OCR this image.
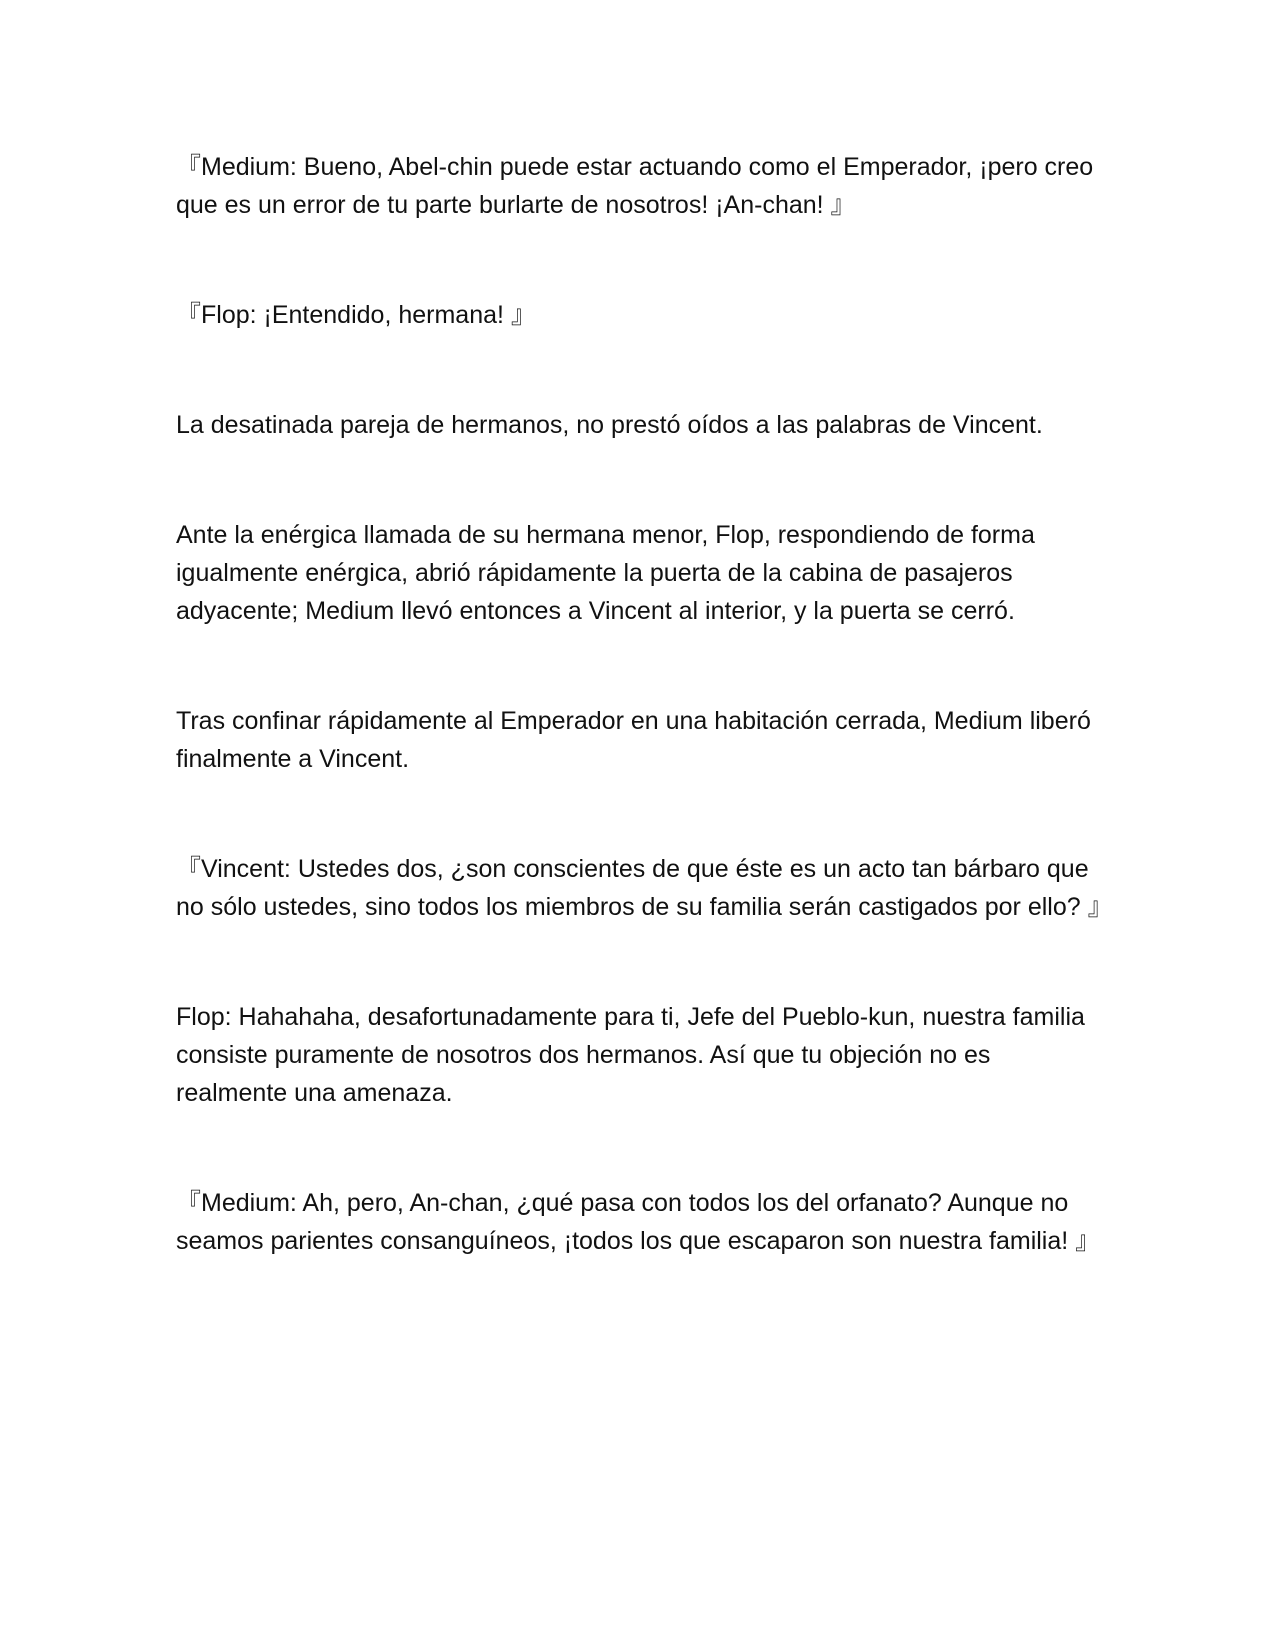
『Medium: Bueno, Abel-chin puede estar actuando como el Emperador, ¡pero creo que es un error de tu parte burlarte de nosotros! ¡An-chan! 』

『Flop: ¡Entendido, hermana! 』

La desatinada pareja de hermanos, no prestó oídos a las palabras de Vincent.

Ante la enérgica llamada de su hermana menor, Flop, respondiendo de forma igualmente enérgica, abrió rápidamente la puerta de la cabina de pasajeros adyacente; Medium llevó entonces a Vincent al interior, y la puerta se cerró.

Tras confinar rápidamente al Emperador en una habitación cerrada, Medium liberó finalmente a Vincent.

『Vincent: Ustedes dos, ¿son conscientes de que éste es un acto tan bárbaro que no sólo ustedes, sino todos los miembros de su familia serán castigados por ello? 』

Flop: Hahahaha, desafortunadamente para ti, Jefe del Pueblo-kun, nuestra familia consiste puramente de nosotros dos hermanos. Así que tu objeción no es realmente una amenaza.

『Medium: Ah, pero, An-chan, ¿qué pasa con todos los del orfanato? Aunque no seamos parientes consanguíneos, ¡todos los que escaparon son nuestra familia! 』
